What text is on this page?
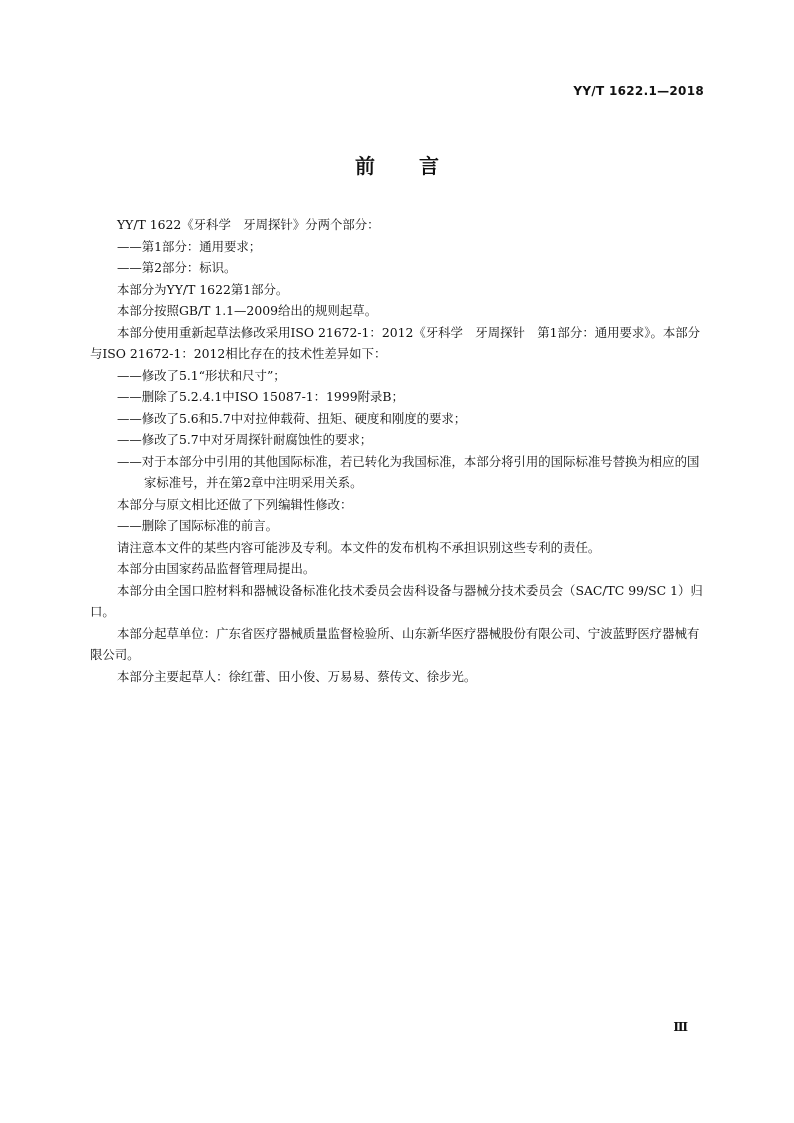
YY/T 1622.1—2018
前言

YY/T 1622《牙科学　牙周探针》分两个部分：

——第1部分：通用要求；

——第2部分：标识。

本部分为YY/T 1622第1部分。

本部分按照GB/T 1.1—2009给出的规则起草。

本部分使用重新起草法修改采用ISO 21672-1：2012《牙科学　牙周探针　第1部分：通用要求》。本部分与ISO 21672-1：2012相比存在的技术性差异如下：

——修改了5.1“形状和尺寸”；

——删除了5.2.4.1中ISO 15087-1：1999附录B；

——修改了5.6和5.7中对拉伸载荷、扭矩、硬度和刚度的要求；

——修改了5.7中对牙周探针耐腐蚀性的要求；

——对于本部分中引用的其他国际标准，若已转化为我国标准，本部分将引用的国际标准号替换为相应的国家标准号，并在第2章中注明采用关系。

本部分与原文相比还做了下列编辑性修改：

——删除了国际标准的前言。

请注意本文件的某些内容可能涉及专利。本文件的发布机构不承担识别这些专利的责任。

本部分由国家药品监督管理局提出。

本部分由全国口腔材料和器械设备标准化技术委员会齿科设备与器械分技术委员会（SAC/TC 99/SC 1）归口。

本部分起草单位：广东省医疗器械质量监督检验所、山东新华医疗器械股份有限公司、宁波蓝野医疗器械有限公司。

本部分主要起草人：徐红蕾、田小俊、万易易、蔡传文、徐步光。

Ⅲ
